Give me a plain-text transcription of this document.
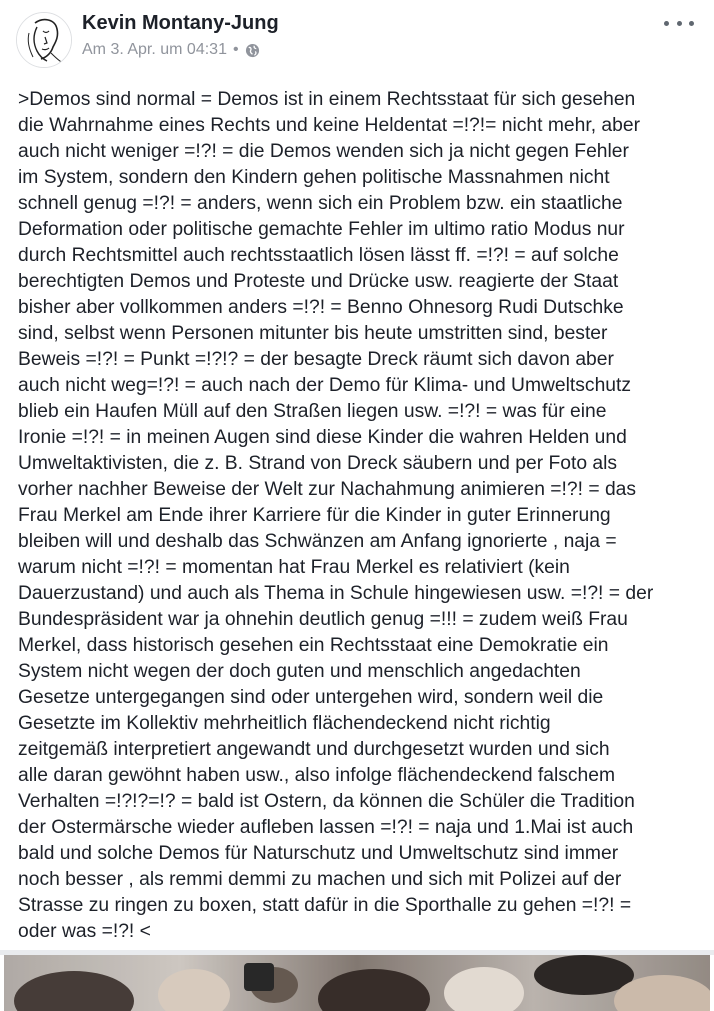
Kevin Montany-Jung
Am 3. Apr. um 04:31 •
>Demos sind normal = Demos ist in einem Rechtsstaat für sich gesehen
die Wahrnahme eines Rechts und keine Heldentat =!?!= nicht mehr, aber
auch nicht weniger =!?! = die Demos wenden sich ja nicht gegen Fehler
im System, sondern den Kindern gehen politische Massnahmen nicht
schnell genug =!?! = anders, wenn sich ein Problem bzw. ein staatliche
Deformation oder politische gemachte Fehler im ultimo ratio Modus nur
durch Rechtsmittel auch rechtsstaatlich lösen lässt ff. =!?! = auf solche
berechtigten Demos und Proteste und Drücke usw. reagierte der Staat
bisher aber vollkommen anders =!?! = Benno Ohnesorg Rudi Dutschke
sind, selbst wenn Personen mitunter bis heute umstritten sind, bester
Beweis =!?! = Punkt =!?!? = der besagte Dreck räumt sich davon aber
auch nicht weg=!?! = auch nach der Demo für Klima- und Umweltschutz
blieb ein Haufen Müll auf den Straßen liegen usw. =!?! = was für eine
Ironie =!?! = in meinen Augen sind diese Kinder die wahren Helden und
Umweltaktivisten, die z. B. Strand von Dreck säubern und per Foto als
vorher nachher Beweise der Welt zur Nachahmung animieren =!?! = das
Frau Merkel am Ende ihrer Karriere für die Kinder in guter Erinnerung
bleiben will und deshalb das Schwänzen am Anfang ignorierte , naja =
warum nicht =!?! = momentan hat Frau Merkel es relativiert (kein
Dauerzustand) und auch als Thema in Schule hingewiesen usw. =!?! = der
Bundespräsident war ja ohnehin deutlich genug =!!! = zudem weiß Frau
Merkel, dass historisch gesehen ein Rechtsstaat eine Demokratie ein
System nicht wegen der doch guten und menschlich angedachten
Gesetze untergegangen sind oder untergehen wird, sondern weil die
Gesetzte im Kollektiv mehrheitlich flächendeckend nicht richtig
zeitgemäß interpretiert angewandt und durchgesetzt wurden und sich
alle daran gewöhnt haben usw., also infolge flächendeckend falschem
Verhalten =!?!?=!? = bald ist Ostern, da können die Schüler die Tradition
der Ostermärsche wieder aufleben lassen =!?! = naja und 1.Mai ist auch
bald und solche Demos für Naturschutz und Umweltschutz sind immer
noch besser , als remmi demmi zu machen und sich mit Polizei auf der
Strasse zu ringen zu boxen, statt dafür in die Sporthalle zu gehen =!?! =
oder was =!?! <
